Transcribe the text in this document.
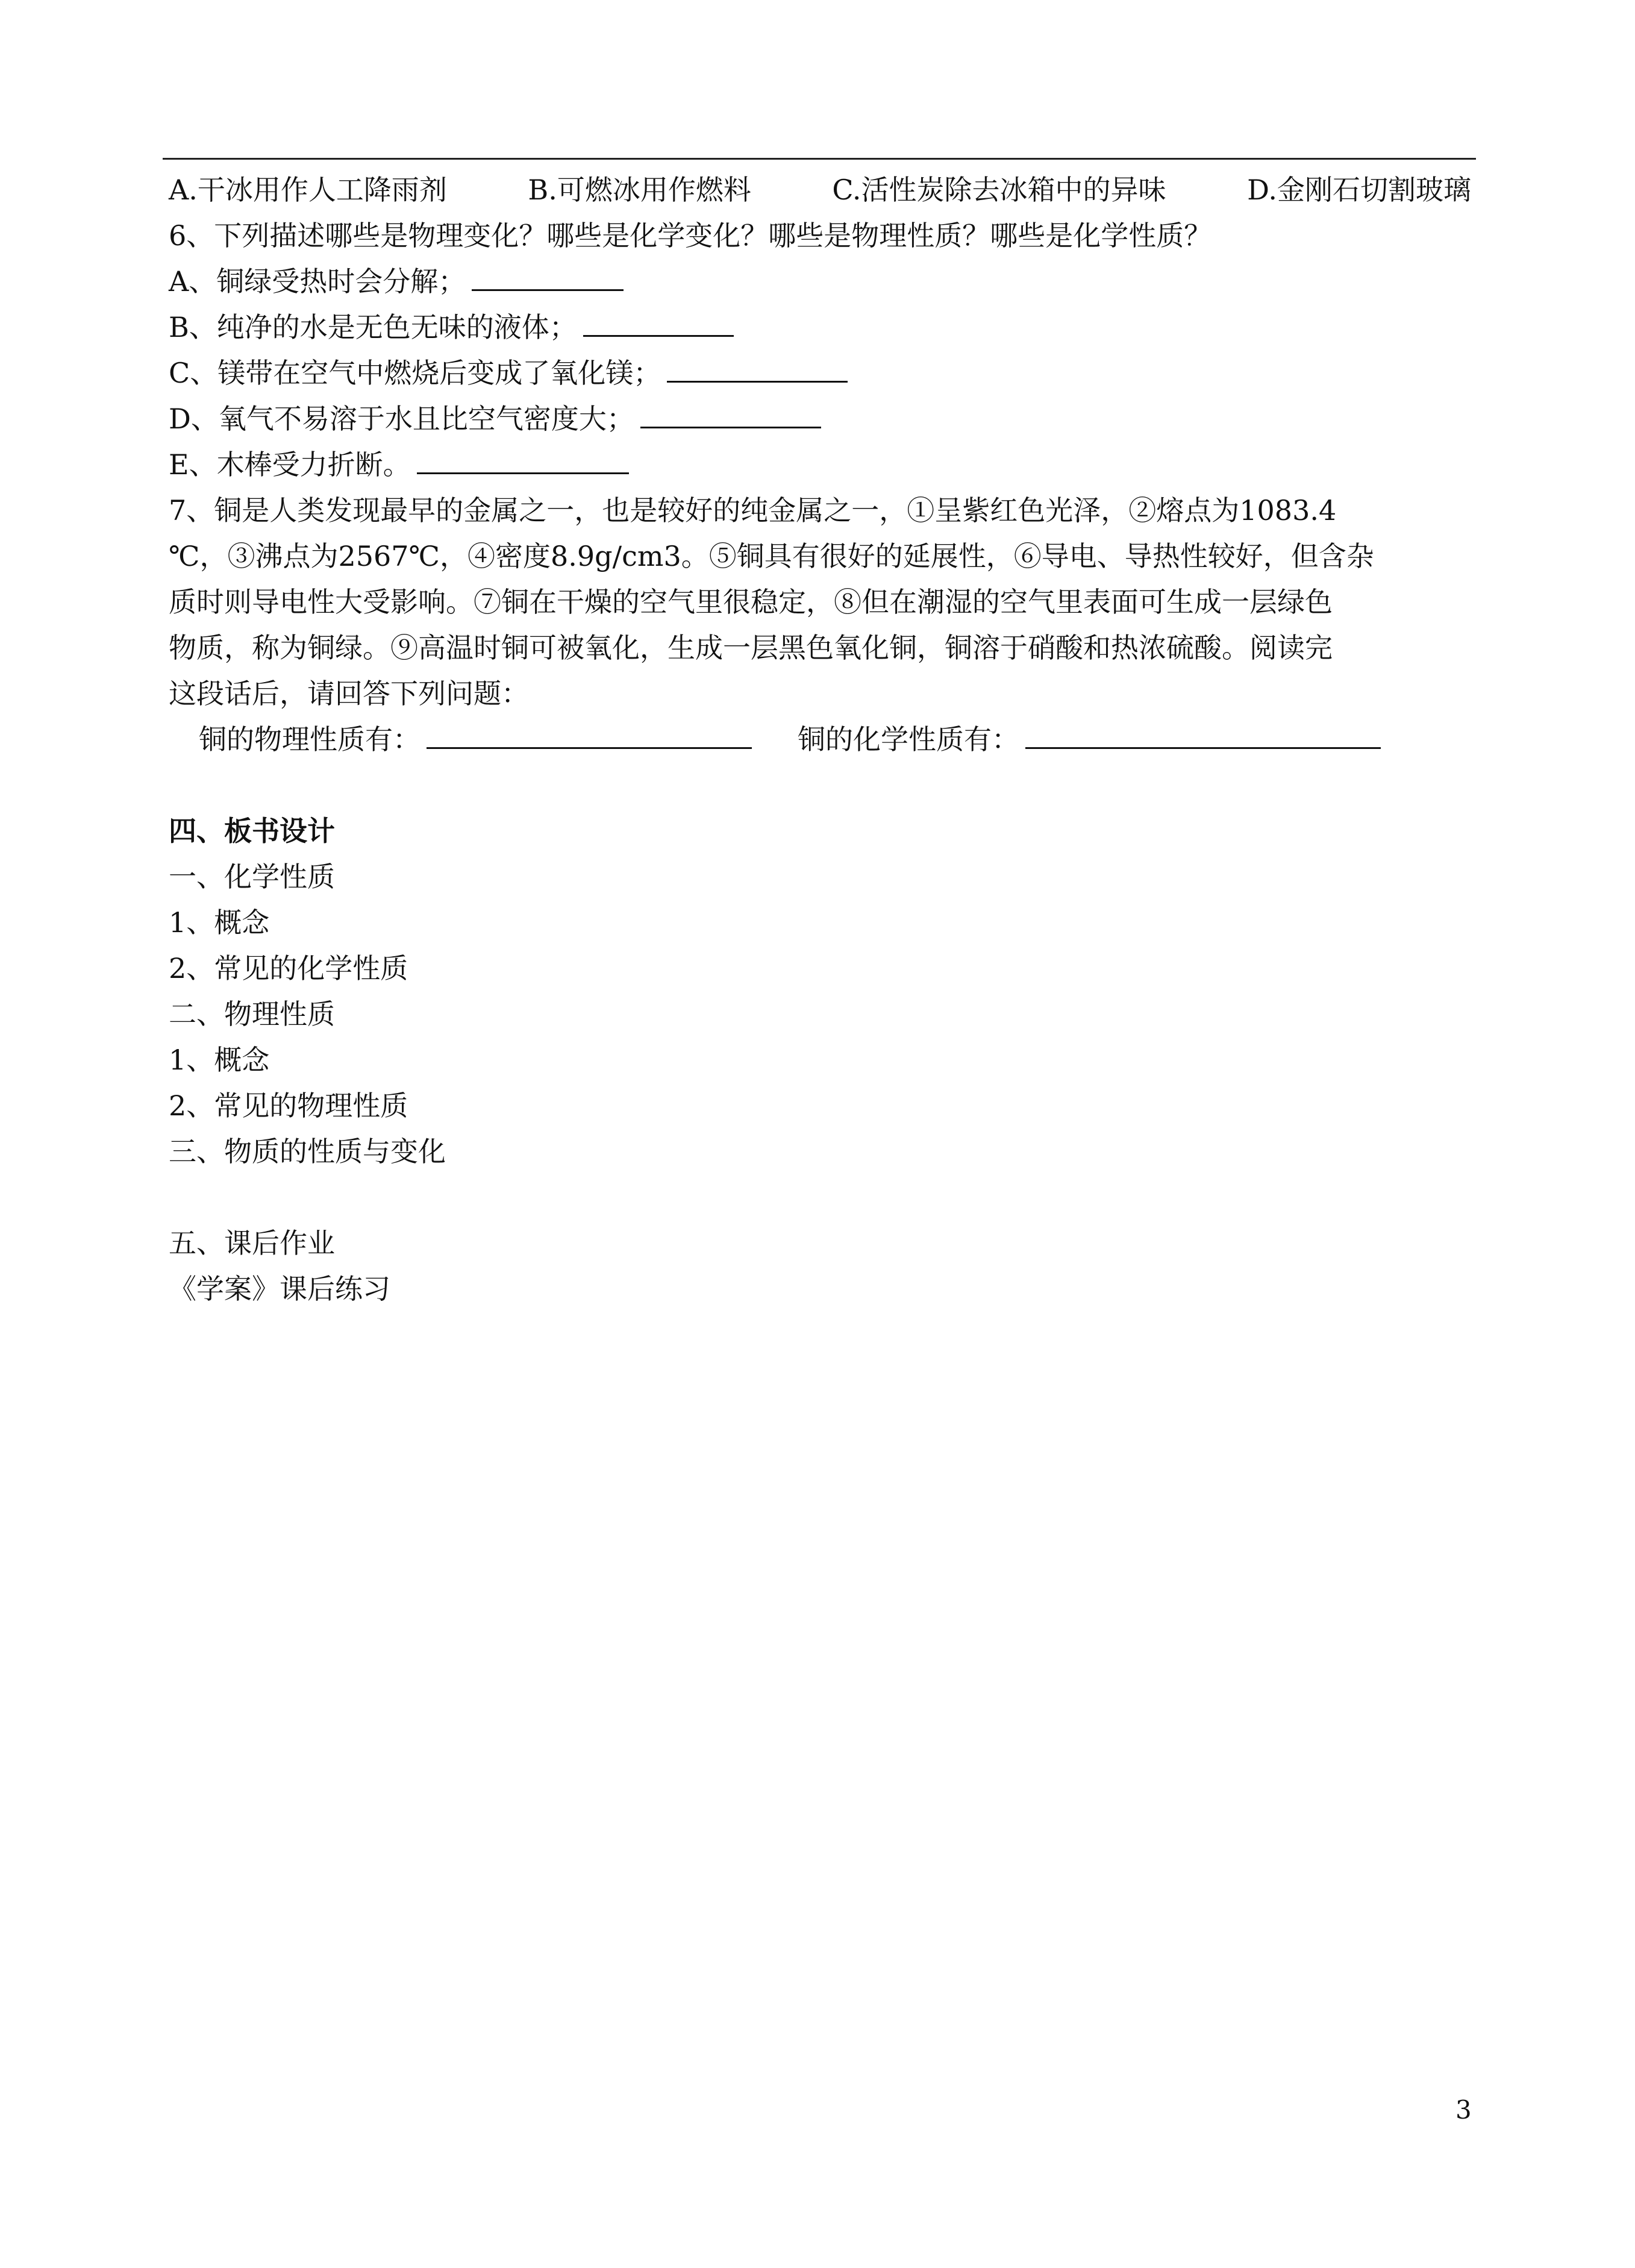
A.干冰用作人工降雨剂	B.可燃冰用作燃料	C.活性炭除去冰箱中的异味	D.金刚石切割玻璃
6、下列描述哪些是物理变化？哪些是化学变化？哪些是物理性质？哪些是化学性质？
A、铜绿受热时会分解；
B、纯净的水是无色无味的液体；
C、镁带在空气中燃烧后变成了氧化镁；
D、氧气不易溶于水且比空气密度大；
E、木棒受力折断。
7、铜是人类发现最早的金属之一，也是较好的纯金属之一，①呈紫红色光泽，②熔点为1083.4
℃，③沸点为2567℃，④密度8.9g/cm3。⑤铜具有很好的延展性，⑥导电、导热性较好，但含杂
质时则导电性大受影响。⑦铜在干燥的空气里很稳定，⑧但在潮湿的空气里表面可生成一层绿色
物质，称为铜绿。⑨高温时铜可被氧化，生成一层黑色氧化铜，铜溶于硝酸和热浓硫酸。阅读完
这段话后，请回答下列问题：
铜的物理性质有：	铜的化学性质有：
四、板书设计
一、化学性质
1、概念
2、常见的化学性质
二、物理性质
1、概念
2、常见的物理性质
三、物质的性质与变化
五、课后作业
《学案》课后练习
3
